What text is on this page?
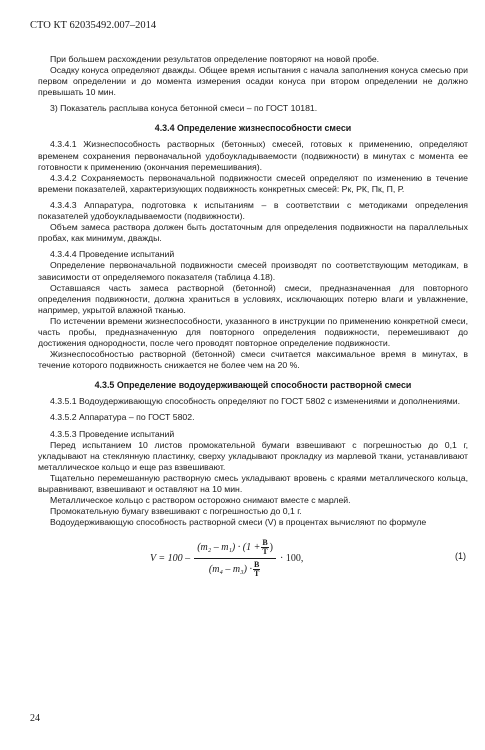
СТО КТ 62035492.007–2014

При большем расхождении результатов определение повторяют на новой пробе.

Осадку конуса определяют дважды. Общее время испытания с начала заполнения конуса смесью при первом определении и до момента измерения осадки конуса при втором определении не должно превышать 10 мин.

3) Показатель расплыва конуса бетонной смеси – по ГОСТ 10181.

4.3.4 Определение жизнеспособности смеси

4.3.4.1 Жизнеспособность растворных (бетонных) смесей, готовых к применению, определяют временем сохранения первоначальной удобоукладываемости (подвижности) в минутах с момента ее готовности к применению (окончания перемешивания).

4.3.4.2 Сохраняемость первоначальной подвижности смесей определяют по изменению в течение времени показателей, характеризующих подвижность конкретных смесей: Рк, РК, Пк, П, Р.

4.3.4.3 Аппаратура, подготовка к испытаниям – в соответствии с методиками определения показателей удобоукладываемости (подвижности).

Объем замеса раствора должен быть достаточным для определения подвижности на параллельных пробах, как минимум, дважды.

4.3.4.4 Проведение испытаний

Определение первоначальной подвижности смесей производят по соответствующим методикам, в зависимости от определяемого показателя (таблица 4.18).

Оставшаяся часть замеса растворной (бетонной) смеси, предназначенная для повторного определения подвижности, должна храниться в условиях, исключающих потерю влаги и увлажнение, например, укрытой влажной тканью.

По истечении времени жизнеспособности, указанного в инструкции по применению конкретной смеси, часть пробы, предназначенную для повторного определения подвижности, перемешивают до достижения однородности, после чего проводят повторное определение подвижности.

Жизнеспособностью растворной (бетонной) смеси считается максимальное время в минутах, в течение которого подвижность снижается не более чем на 20 %.

4.3.5 Определение водоудерживающей способности растворной смеси

4.3.5.1 Водоудерживающую способность определяют по ГОСТ 5802 с изменениями и дополнениями.

4.3.5.2 Аппаратура – по ГОСТ 5802.

4.3.5.3 Проведение испытаний

Перед испытанием 10 листов промокательной бумаги взвешивают с погрешностью до 0,1 г, укладывают на стеклянную пластинку, сверху укладывают прокладку из марлевой ткани, устанавливают металлическое кольцо и еще раз взвешивают.

Тщательно перемешанную растворную смесь укладывают вровень с краями металлического кольца, выравнивают, взвешивают и оставляют на 10 мин.

Металлическое кольцо с раствором осторожно снимают вместе с марлей.

Промокательную бумагу взвешивают с погрешностью до 0,1 г.

Водоудерживающую способность растворной смеси (V) в процентах вычисляют по формуле

V = 100 –
$(m_2 - m_1) \cdot (1 + \frac{В}{Т}$ )
$(m_4 - m_3) \cdot \frac{В}{Т}$
· 100,	(1)
24
